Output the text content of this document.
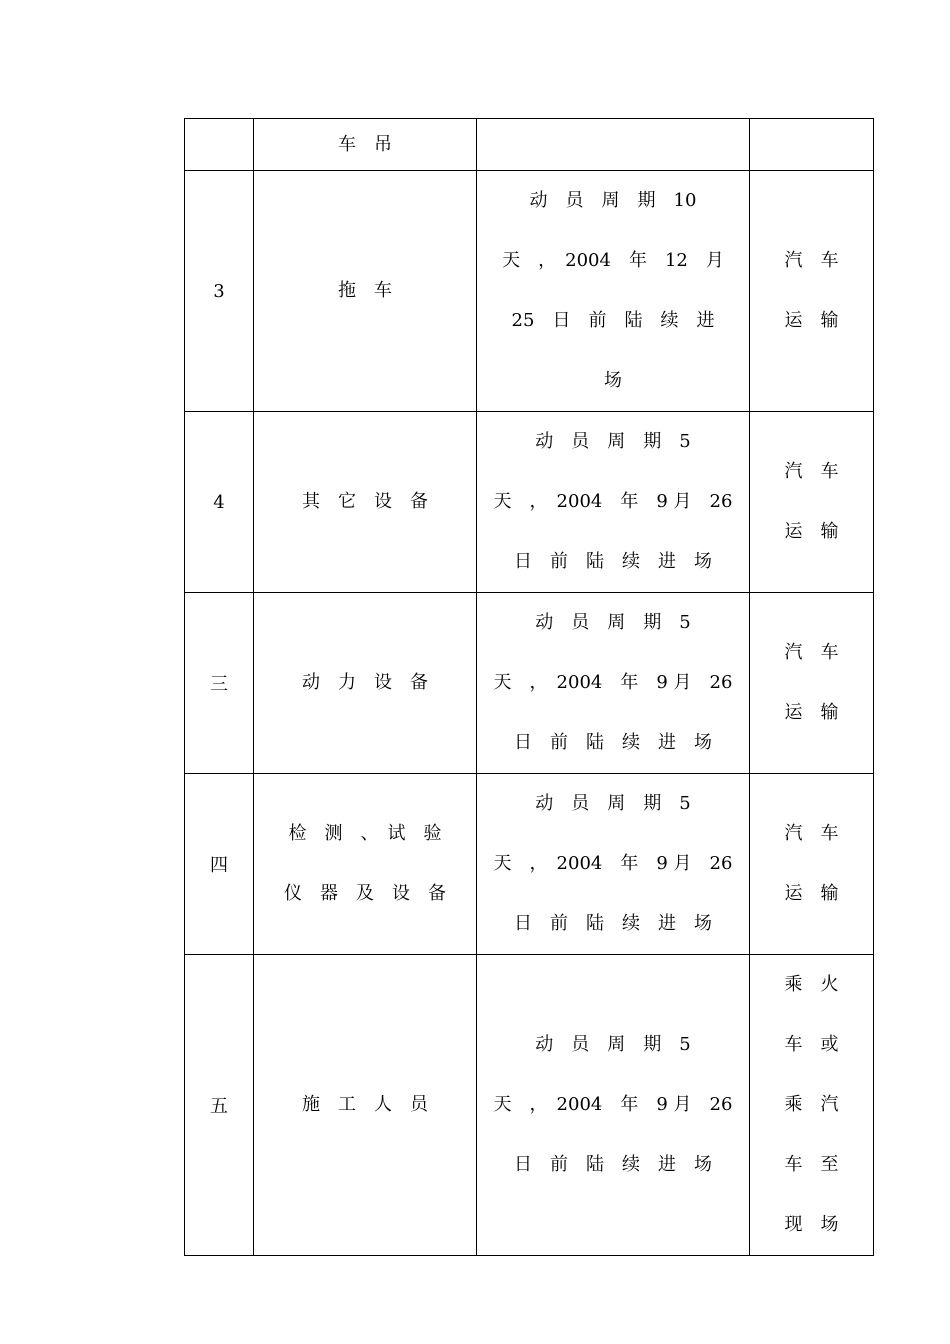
	车　吊		

3	拖　车	动　员　周　期　10
天　，　2004　年　12　月
25　日　前　陆　续　进
场	汽　车
运　输

4	其　它　设　备	动　员　周　期　5
天　，　2004　年　9 月　26
日　前　陆　续　进　场	汽　车
运　输

三	动　力　设　备	动　员　周　期　5
天　，　2004　年　9 月　26
日　前　陆　续　进　场	汽　车
运　输

四	检　测　、　试　验
仪　器　及　设　备	动　员　周　期　5
天　，　2004　年　9 月　26
日　前　陆　续　进　场	汽　车
运　输

五	施　工　人　员	动　员　周　期　5
天　，　2004　年　9 月　26
日　前　陆　续　进　场	乘　火
车　或
乘　汽
车　至
现　场
